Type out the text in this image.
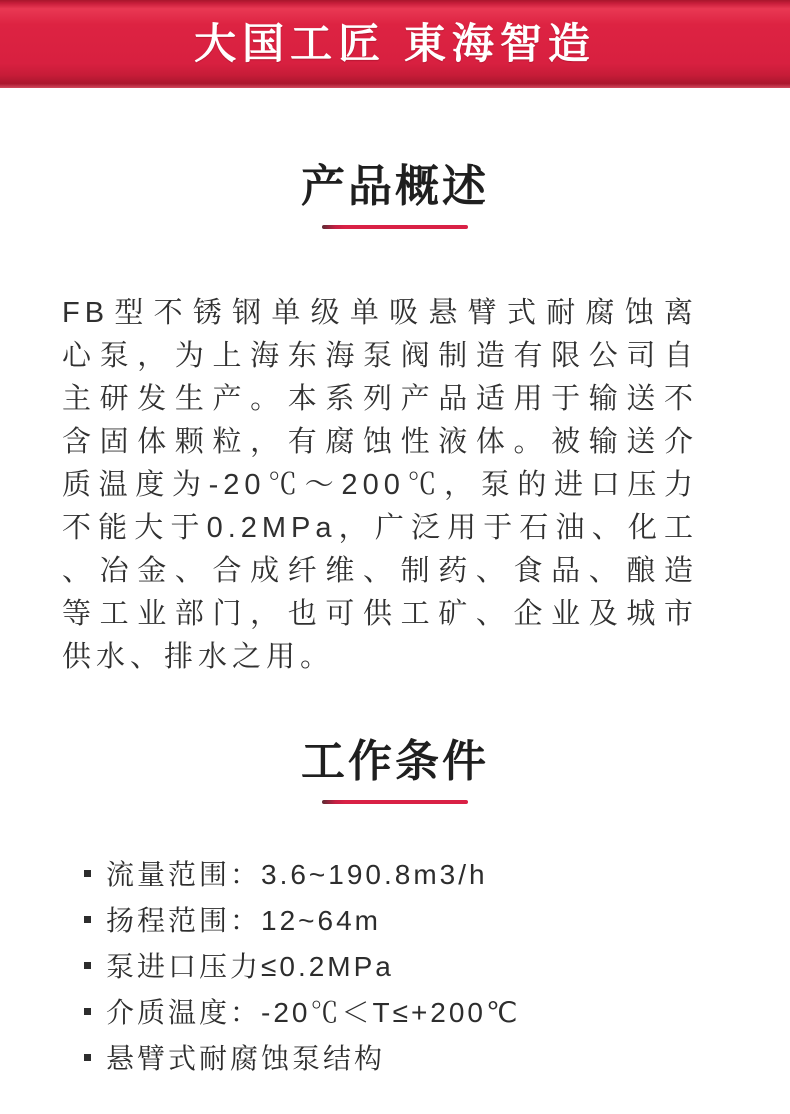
大国工匠 東海智造
产品概述
FB型不锈钢单级单吸悬臂式耐腐蚀离
心泵，为上海东海泵阀制造有限公司自
主研发生产。本系列产品适用于输送不
含固体颗粒，有腐蚀性液体。被输送介
质温度为-20℃～200℃，泵的进口压力
不能大于0.2MPa，广泛用于石油、化工
、冶金、合成纤维、制药、食品、酿造
等工业部门，也可供工矿、企业及城市
供水、排水之用。
工作条件
流量范围：3.6~190.8m3/h
扬程范围：12~64m
泵进口压力≤0.2MPa
介质温度：-20℃＜T≤+200℃
悬臂式耐腐蚀泵结构
